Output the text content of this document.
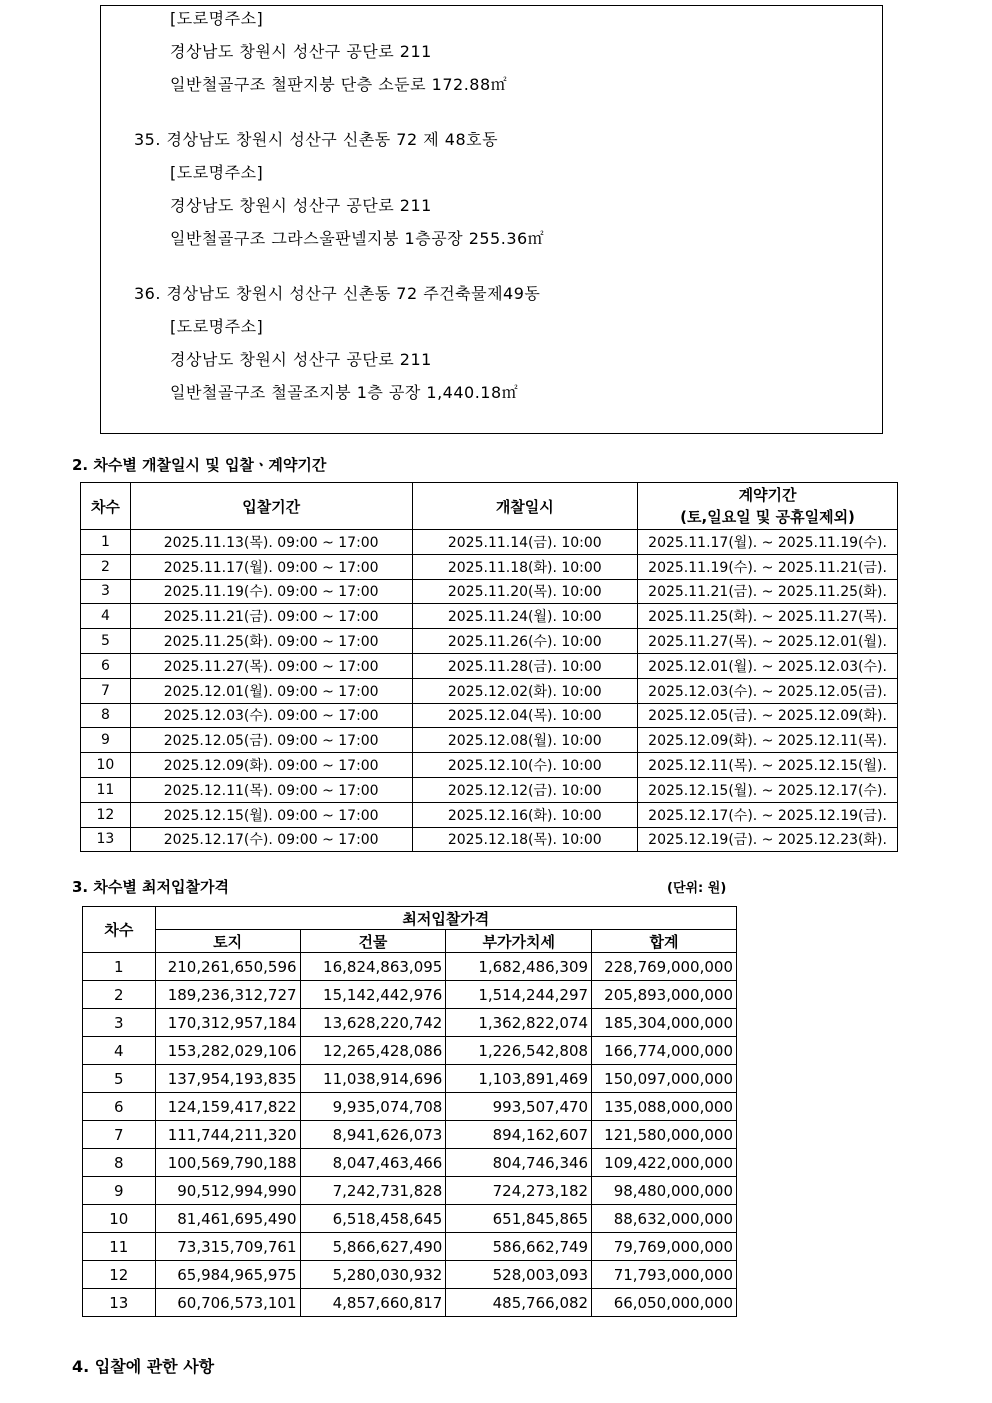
[도로명주소]
경상남도 창원시 성산구 공단로 211
일반철골구조 철판지붕 단층 소둔로 172.88㎡
35. 경상남도 창원시 성산구 신촌동 72 제 48호동
[도로명주소]
경상남도 창원시 성산구 공단로 211
일반철골구조 그라스울판넬지붕 1층공장 255.36㎡
36. 경상남도 창원시 성산구 신촌동 72 주건축물제49동
[도로명주소]
경상남도 창원시 성산구 공단로 211
일반철골구조 철골조지붕 1층 공장 1,440.18㎡
2. 차수별 개찰일시 및 입찰ㆍ계약기간
차수	입찰기간	개찰일시	계약기간
(토,일요일 및 공휴일제외)

1	2025.11.13(목). 09:00 ~ 17:00	2025.11.14(금). 10:00	2025.11.17(월). ~ 2025.11.19(수).
2	2025.11.17(월). 09:00 ~ 17:00	2025.11.18(화). 10:00	2025.11.19(수). ~ 2025.11.21(금).
3	2025.11.19(수). 09:00 ~ 17:00	2025.11.20(목). 10:00	2025.11.21(금). ~ 2025.11.25(화).
4	2025.11.21(금). 09:00 ~ 17:00	2025.11.24(월). 10:00	2025.11.25(화). ~ 2025.11.27(목).
5	2025.11.25(화). 09:00 ~ 17:00	2025.11.26(수). 10:00	2025.11.27(목). ~ 2025.12.01(월).
6	2025.11.27(목). 09:00 ~ 17:00	2025.11.28(금). 10:00	2025.12.01(월). ~ 2025.12.03(수).
7	2025.12.01(월). 09:00 ~ 17:00	2025.12.02(화). 10:00	2025.12.03(수). ~ 2025.12.05(금).
8	2025.12.03(수). 09:00 ~ 17:00	2025.12.04(목). 10:00	2025.12.05(금). ~ 2025.12.09(화).
9	2025.12.05(금). 09:00 ~ 17:00	2025.12.08(월). 10:00	2025.12.09(화). ~ 2025.12.11(목).
10	2025.12.09(화). 09:00 ~ 17:00	2025.12.10(수). 10:00	2025.12.11(목). ~ 2025.12.15(월).
11	2025.12.11(목). 09:00 ~ 17:00	2025.12.12(금). 10:00	2025.12.15(월). ~ 2025.12.17(수).
12	2025.12.15(월). 09:00 ~ 17:00	2025.12.16(화). 10:00	2025.12.17(수). ~ 2025.12.19(금).
13	2025.12.17(수). 09:00 ~ 17:00	2025.12.18(목). 10:00	2025.12.19(금). ~ 2025.12.23(화).
3. 차수별 최저입찰가격	(단위: 원)
차수	최저입찰가격			
	토지	건물	부가가치세	합계
1	210,261,650,596	16,824,863,095	1,682,486,309	228,769,000,000
2	189,236,312,727	15,142,442,976	1,514,244,297	205,893,000,000
3	170,312,957,184	13,628,220,742	1,362,822,074	185,304,000,000
4	153,282,029,106	12,265,428,086	1,226,542,808	166,774,000,000
5	137,954,193,835	11,038,914,696	1,103,891,469	150,097,000,000
6	124,159,417,822	9,935,074,708	993,507,470	135,088,000,000
7	111,744,211,320	8,941,626,073	894,162,607	121,580,000,000
8	100,569,790,188	8,047,463,466	804,746,346	109,422,000,000
9	90,512,994,990	7,242,731,828	724,273,182	98,480,000,000
10	81,461,695,490	6,518,458,645	651,845,865	88,632,000,000
11	73,315,709,761	5,866,627,490	586,662,749	79,769,000,000
12	65,984,965,975	5,280,030,932	528,003,093	71,793,000,000
13	60,706,573,101	4,857,660,817	485,766,082	66,050,000,000
4. 입찰에 관한 사항
